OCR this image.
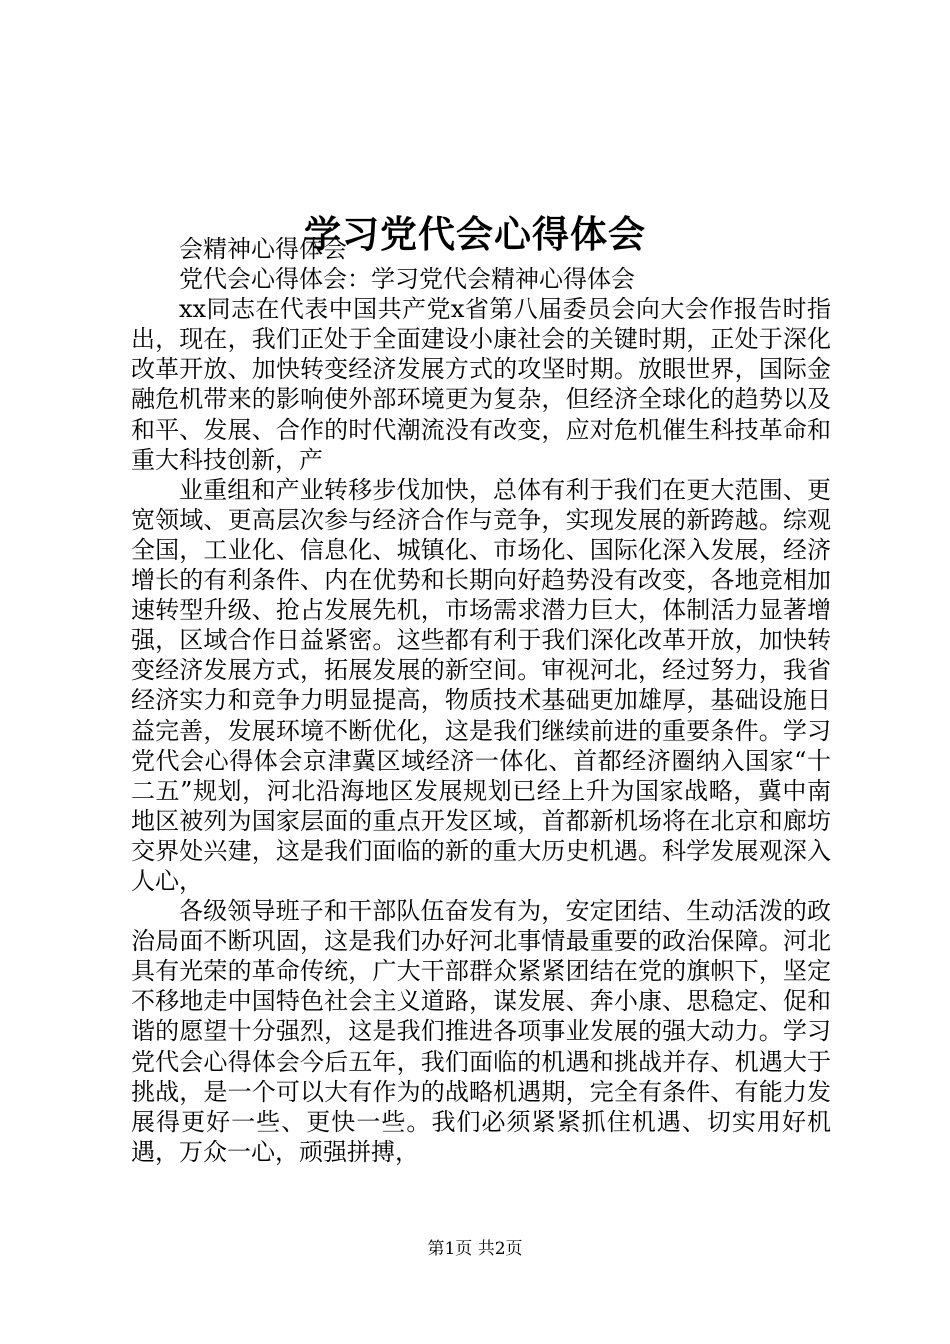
学习党代会心得体会

会精神心得体会

党代会心得体会：学习党代会精神心得体会

xx同志在代表中国共产党x省第八届委员会向大会作报告时指出，现在，我们正处于全面建设小康社会的关键时期，正处于深化改革开放、加快转变经济发展方式的攻坚时期。放眼世界，国际金融危机带来的影响使外部环境更为复杂，但经济全球化的趋势以及和平、发展、合作的时代潮流没有改变，应对危机催生科技革命和重大科技创新，产

业重组和产业转移步伐加快，总体有利于我们在更大范围、更宽领域、更高层次参与经济合作与竞争，实现发展的新跨越。综观全国，工业化、信息化、城镇化、市场化、国际化深入发展，经济增长的有利条件、内在优势和长期向好趋势没有改变，各地竞相加速转型升级、抢占发展先机，市场需求潜力巨大，体制活力显著增强，区域合作日益紧密。这些都有利于我们深化改革开放，加快转变经济发展方式，拓展发展的新空间。审视河北，经过努力，我省经济实力和竞争力明显提高，物质技术基础更加雄厚，基础设施日益完善，发展环境不断优化，这是我们继续前进的重要条件。学习党代会心得体会京津冀区域经济一体化、首都经济圈纳入国家“十二五”规划，河北沿海地区发展规划已经上升为国家战略，冀中南地区被列为国家层面的重点开发区域，首都新机场将在北京和廊坊交界处兴建，这是我们面临的新的重大历史机遇。科学发展观深入人心，

各级领导班子和干部队伍奋发有为，安定团结、生动活泼的政治局面不断巩固，这是我们办好河北事情最重要的政治保障。河北具有光荣的革命传统，广大干部群众紧紧团结在党的旗帜下，坚定不移地走中国特色社会主义道路，谋发展、奔小康、思稳定、促和谐的愿望十分强烈，这是我们推进各项事业发展的强大动力。学习党代会心得体会今后五年，我们面临的机遇和挑战并存、机遇大于挑战，是一个可以大有作为的战略机遇期，完全有条件、有能力发展得更好一些、更快一些。我们必须紧紧抓住机遇、切实用好机遇，万众一心，顽强拼搏，

第1页 共2页
